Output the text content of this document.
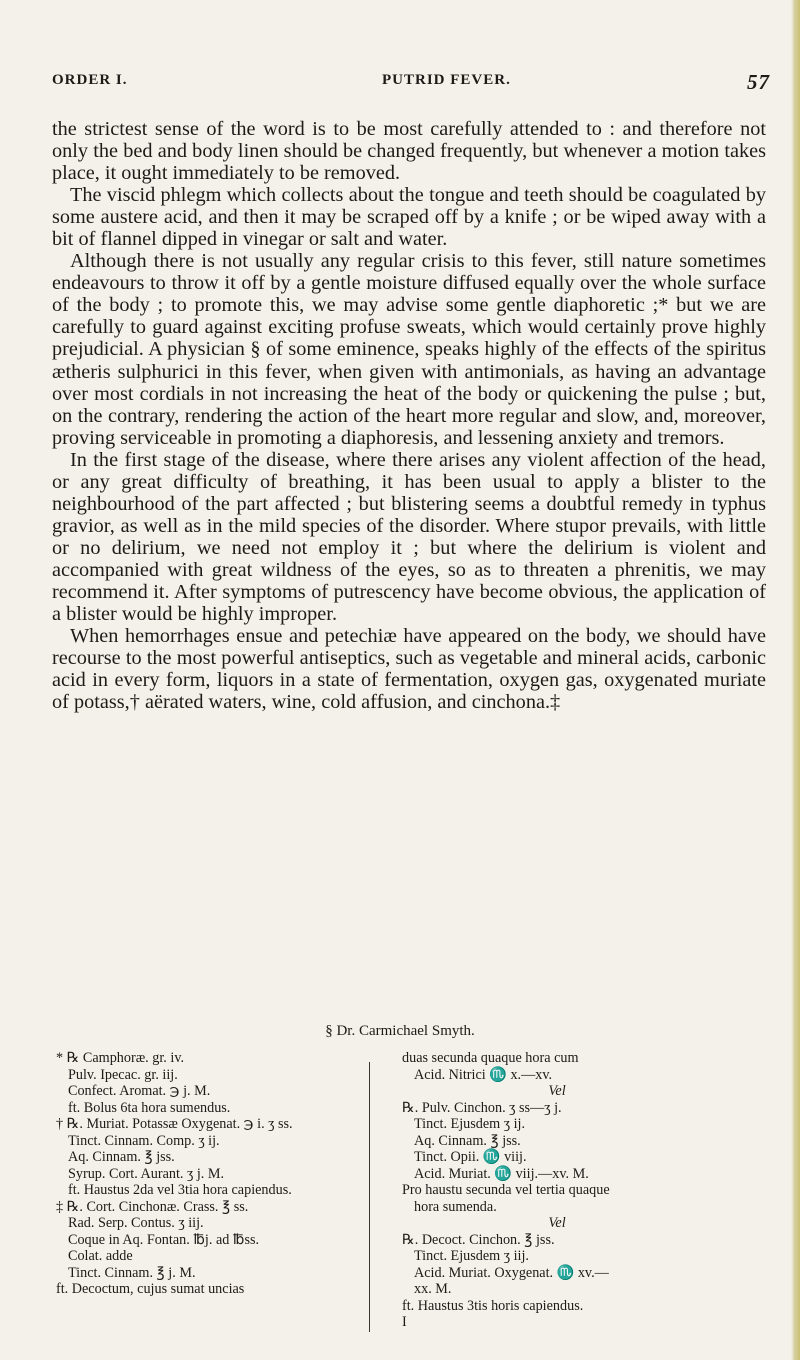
ORDER I.	PUTRID FEVER.	57

the strictest sense of the word is to be most carefully attended to : and therefore not only the bed and body linen should be changed frequently, but whenever a motion takes place, it ought immediately to be removed.

The viscid phlegm which collects about the tongue and teeth should be coagulated by some austere acid, and then it may be scraped off by a knife ; or be wiped away with a bit of flannel dipped in vinegar or salt and water.

Although there is not usually any regular crisis to this fever, still nature sometimes endeavours to throw it off by a gentle moisture diffused equally over the whole surface of the body ; to promote this, we may advise some gentle diaphoretic ;* but we are carefully to guard against exciting profuse sweats, which would certainly prove highly prejudicial. A physician § of some eminence, speaks highly of the effects of the spiritus ætheris sulphurici in this fever, when given with antimonials, as having an advantage over most cordials in not increasing the heat of the body or quickening the pulse ; but, on the contrary, rendering the action of the heart more regular and slow, and, moreover, proving serviceable in promoting a diaphoresis, and lessening anxiety and tremors.

In the first stage of the disease, where there arises any violent affection of the head, or any great difficulty of breathing, it has been usual to apply a blister to the neighbourhood of the part affected ; but blistering seems a doubtful remedy in typhus gravior, as well as in the mild species of the disorder. Where stupor prevails, with little or no delirium, we need not employ it ; but where the delirium is violent and accompanied with great wildness of the eyes, so as to threaten a phrenitis, we may recommend it. After symptoms of putrescency have become obvious, the application of a blister would be highly improper.

When hemorrhages ensue and petechiæ have appeared on the body, we should have recourse to the most powerful antiseptics, such as vegetable and mineral acids, carbonic acid in every form, liquors in a state of fermentation, oxygen gas, oxygenated muriate of potass,† aërated waters, wine, cold affusion, and cinchona.‡

§ Dr. Carmichael Smyth.
* ℞ Camphoræ. gr. iv.
Pulv. Ipecac. gr. iij.
Confect. Aromat. ℈ j. M.
ft. Bolus 6ta hora sumendus.
† ℞. Muriat. Potassæ Oxygenat. ℈ i. ʒ ss.
Tinct. Cinnam. Comp. ʒ ij.
Aq. Cinnam. ℥ jss.
Syrup. Cort. Aurant. ʒ j. M.
ft. Haustus 2da vel 3tia hora capiendus.
‡ ℞. Cort. Cinchonæ. Crass. ℥ ss.
Rad. Serp. Contus. ʒ iij.
Coque in Aq. Fontan. ℔j. ad ℔ss.
Colat. adde
Tinct. Cinnam. ℥ j. M.
ft. Decoctum, cujus sumat uncias
duas secunda quaque hora cum
Acid. Nitrici ♏ x.—xv.
Vel
℞. Pulv. Cinchon. ʒ ss—ʒ j.
Tinct. Ejusdem ʒ ij.
Aq. Cinnam. ℥ jss.
Tinct. Opii. ♏ viij.
Acid. Muriat. ♏ viij.—xv. M.
Pro haustu secunda vel tertia quaque
hora sumenda.
Vel
℞. Decoct. Cinchon. ℥ jss.
Tinct. Ejusdem ʒ iij.
Acid. Muriat. Oxygenat. ♏ xv.—
xx. M.
ft. Haustus 3tis horis capiendus.
I
